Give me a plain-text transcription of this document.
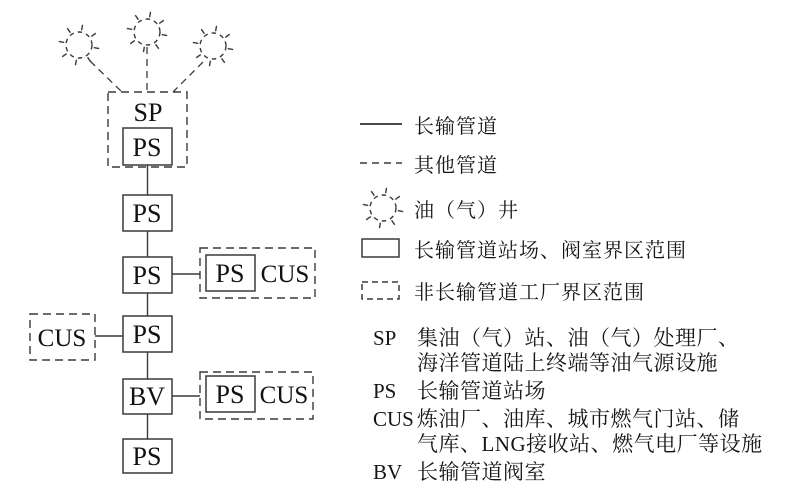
SP
PS
PS
PS PS CUS
CUS PS
BV PS CUS
PS
长输管道
其他管道
油（气）井
长输管道站场、阀室界区范围
非长输管道工厂界区范围
SP 集油（气）站、油（气）处理厂、
海洋管道陆上终端等油气源设施
PS 长输管道站场
CUS 炼油厂、油库、城市燃气门站、储
气库、LNG接收站、燃气电厂等设施
BV 长输管道阀室
